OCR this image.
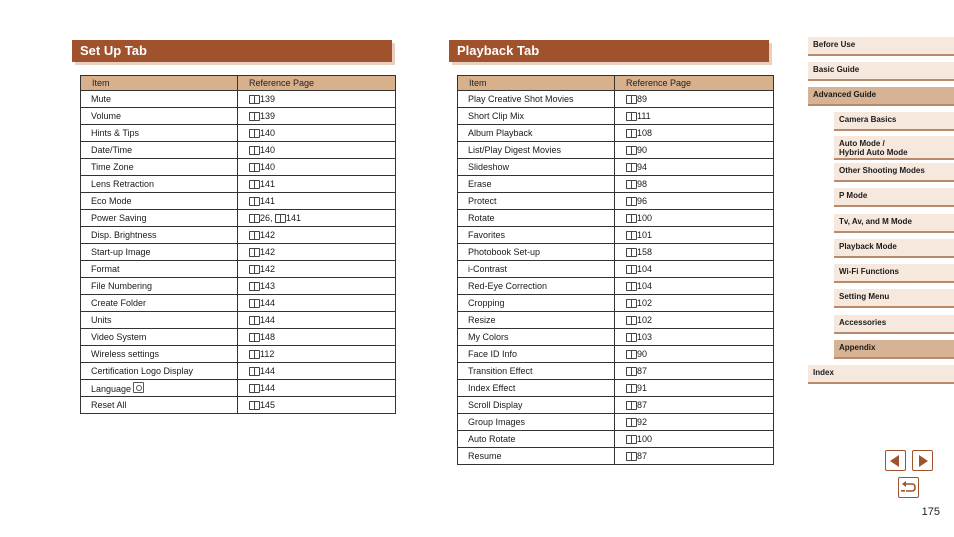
Set Up Tab
Item	Reference Page
Mute	139
Volume	139
Hints & Tips	140
Date/Time	140
Time Zone	140
Lens Retraction	141
Eco Mode	141
Power Saving	26, 141
Disp. Brightness	142
Start-up Image	142
Format	142
File Numbering	143
Create Folder	144
Units	144
Video System	148
Wireless settings	112
Certification Logo Display	144
Language	144
Reset All	145
Playback Tab
Item	Reference Page
Play Creative Shot Movies	89
Short Clip Mix	111
Album Playback	108
List/Play Digest Movies	90
Slideshow	94
Erase	98
Protect	96
Rotate	100
Favorites	101
Photobook Set-up	158
i-Contrast	104
Red-Eye Correction	104
Cropping	102
Resize	102
My Colors	103
Face ID Info	90
Transition Effect	87
Index Effect	91
Scroll Display	87
Group Images	92
Auto Rotate	100
Resume	87
Before Use
Basic Guide
Advanced Guide
Camera Basics
Auto Mode /
Hybrid Auto Mode
Other Shooting Modes
P Mode
Tv, Av, and M Mode
Playback Mode
Wi-Fi Functions
Setting Menu
Accessories
Appendix
Index
175
